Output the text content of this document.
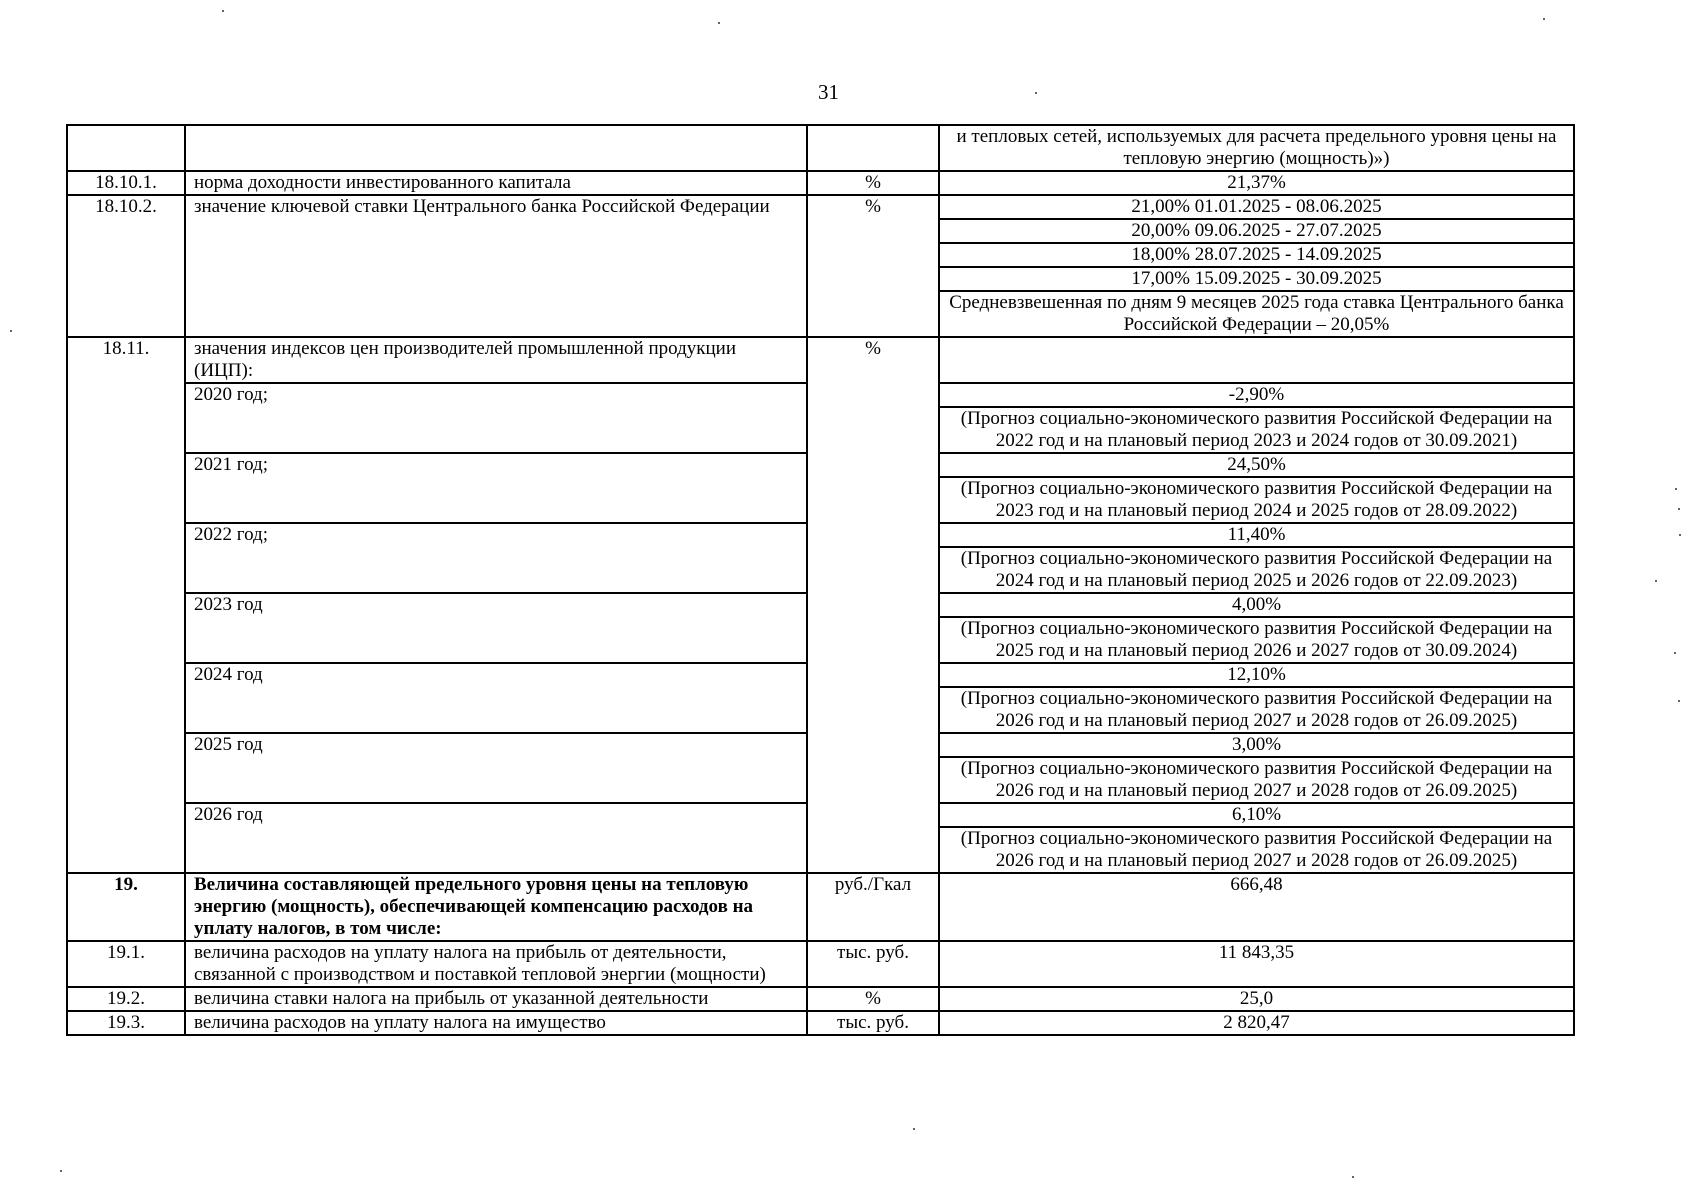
31
			и тепловых сетей, используемых для расчета предельного уровня цены на тепловую энергию (мощность)»)
18.10.1.	норма доходности инвестированного капитала	%	21,37%
18.10.2.	значение ключевой ставки Центрального банка Российской Федерации	%	21,00% 01.01.2025 - 08.06.2025
			20,00% 09.06.2025 - 27.07.2025
			18,00% 28.07.2025 - 14.09.2025
			17,00% 15.09.2025 - 30.09.2025
			Средневзвешенная по дням 9 месяцев 2025 года ставка Центрального банка Российской Федерации – 20,05%
18.11.	значения индексов цен производителей промышленной продукции (ИЦП):	%	
	2020 год;		-2,90%
			(Прогноз социально-экономического развития Российской Федерации на 2022 год и на плановый период 2023 и 2024 годов от 30.09.2021)
	2021 год;		24,50%
			(Прогноз социально-экономического развития Российской Федерации на 2023 год и на плановый период 2024 и 2025 годов от 28.09.2022)
	2022 год;		11,40%
			(Прогноз социально-экономического развития Российской Федерации на 2024 год и на плановый период 2025 и 2026 годов от 22.09.2023)
	2023 год		4,00%
			(Прогноз социально-экономического развития Российской Федерации на 2025 год и на плановый период 2026 и 2027 годов от 30.09.2024)
	2024 год		12,10%
			(Прогноз социально-экономического развития Российской Федерации на 2026 год и на плановый период 2027 и 2028 годов от 26.09.2025)
	2025 год		3,00%
			(Прогноз социально-экономического развития Российской Федерации на 2026 год и на плановый период 2027 и 2028 годов от 26.09.2025)
	2026 год		6,10%
			(Прогноз социально-экономического развития Российской Федерации на 2026 год и на плановый период 2027 и 2028 годов от 26.09.2025)
19.	Величина составляющей предельного уровня цены на тепловую энергию (мощность), обеспечивающей компенсацию расходов на уплату налогов, в том числе:	руб./Гкал	666,48
19.1.	величина расходов на уплату налога на прибыль от деятельности, связанной с производством и поставкой тепловой энергии (мощности)	тыс. руб.	11 843,35
19.2.	величина ставки налога на прибыль от указанной деятельности	%	25,0
19.3.	величина расходов на уплату налога на имущество	тыс. руб.	2 820,47
